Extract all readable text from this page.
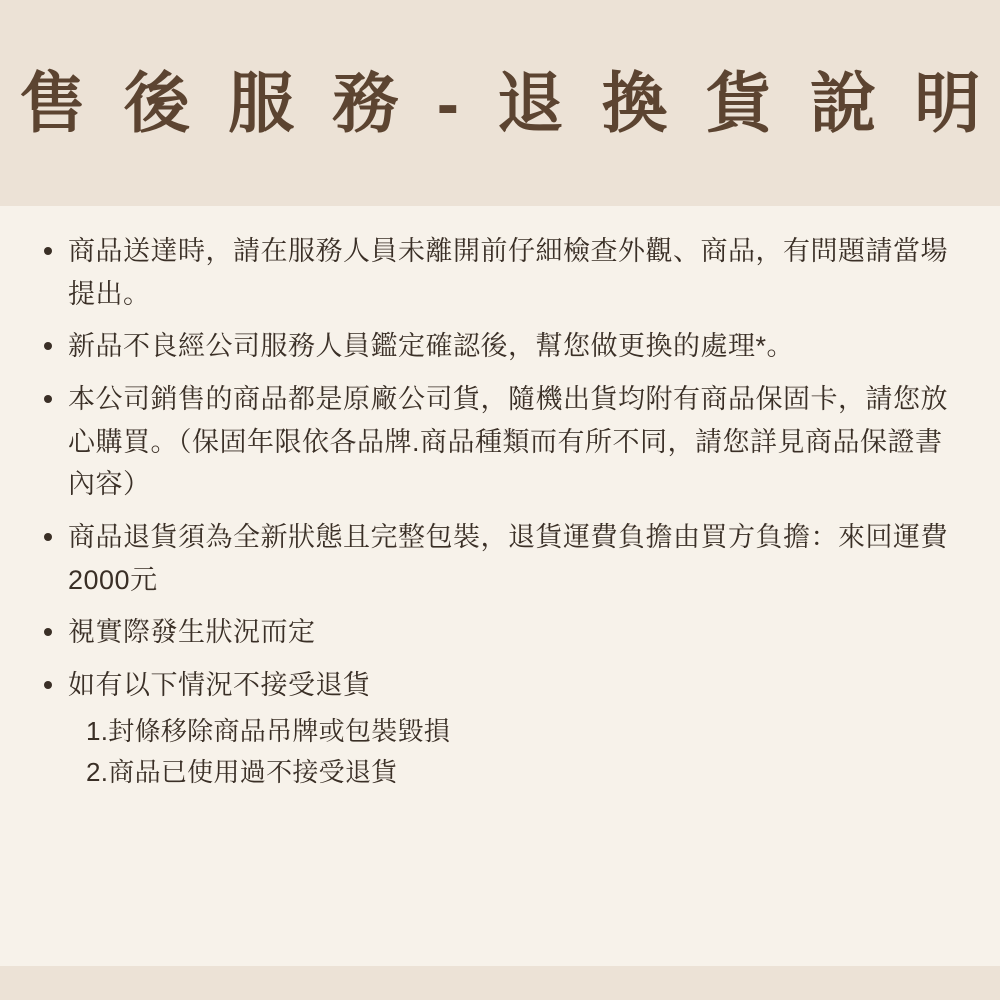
售 後 服 務 - 退 換 貨 說 明
商品送達時，請在服務人員未離開前仔細檢查外觀、商品，有問題請當場提出。
新品不良經公司服務人員鑑定確認後，幫您做更換的處理*。
本公司銷售的商品都是原廠公司貨，隨機出貨均附有商品保固卡，請您放心購買。（保固年限依各品牌.商品種類而有所不同，請您詳見商品保證書內容）
商品退貨須為全新狀態且完整包裝，退貨運費負擔由買方負擔：來回運費2000元
視實際發生狀況而定
如有以下情況不接受退貨
1.封條移除商品吊牌或包裝毀損
2.商品已使用過不接受退貨
